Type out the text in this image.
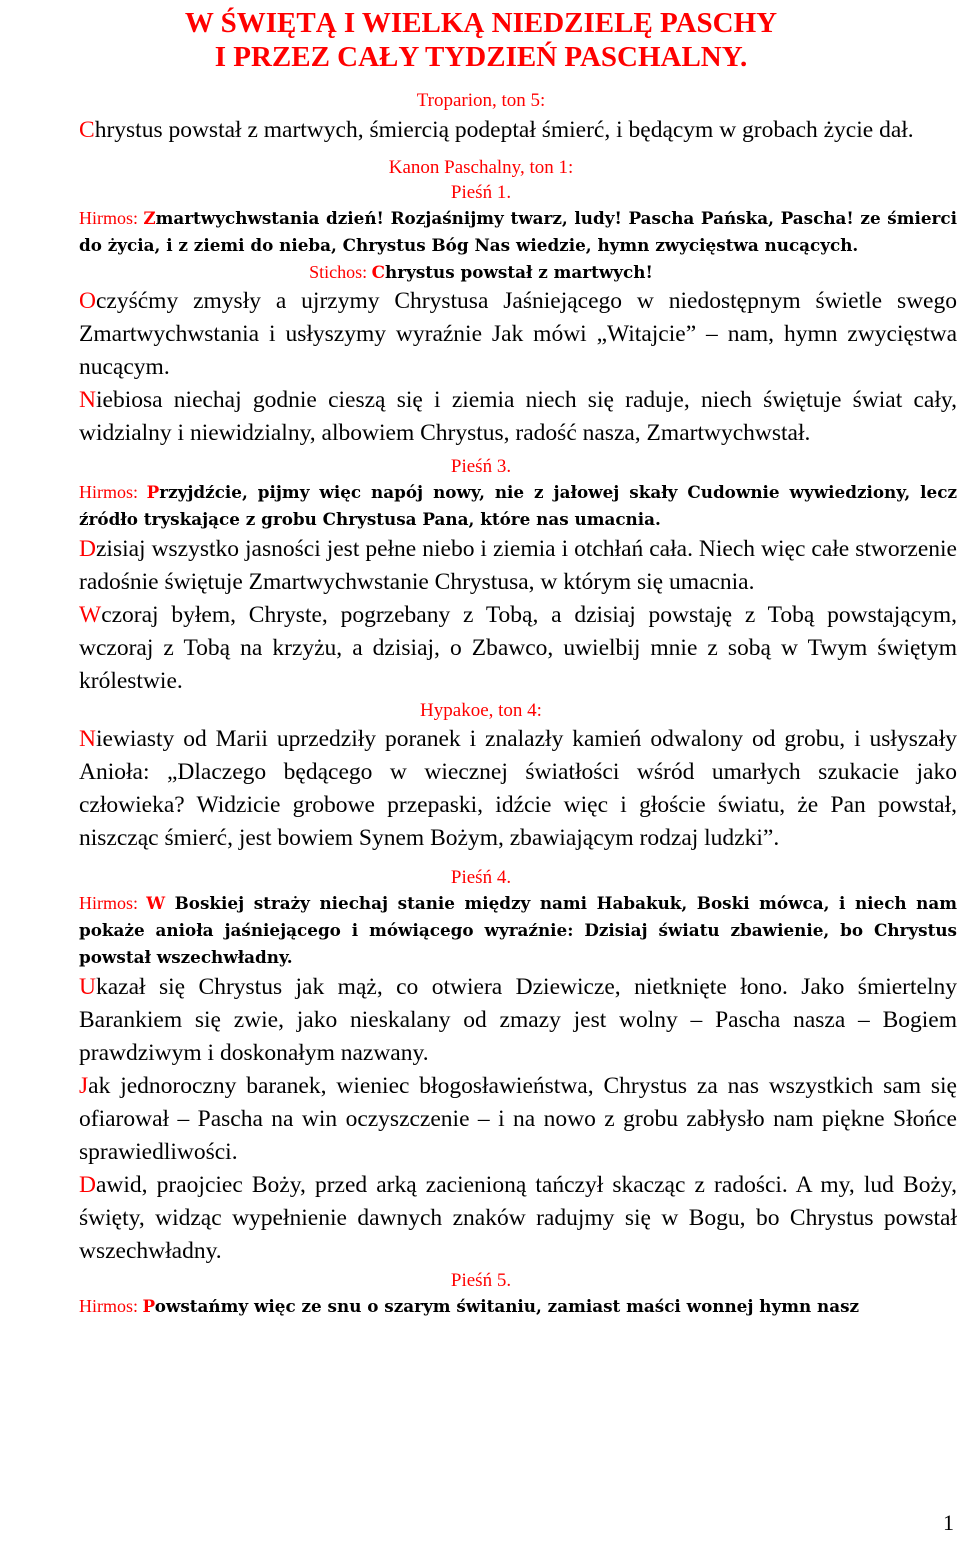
W ŚWIĘTĄ I WIELKĄ NIEDZIELĘ PASCHY

I PRZEZ CAŁY TYDZIEŃ PASCHALNY.

Troparion, ton 5:

Chrystus powstał z martwych, śmiercią podeptał śmierć, i będącym w grobach życie dał.

Kanon Paschalny, ton 1:

Pieśń 1.

Hirmos: Zmartwychwstania dzień! Rozjaśnijmy twarz, ludy! Pascha Pańska, Pascha! ze śmierci do życia, i z ziemi do nieba, Chrystus Bóg Nas wiedzie, hymn zwycięstwa nucących.

Stichos: Chrystus powstał z martwych!

Oczyśćmy zmysły a ujrzymy Chrystusa Jaśniejącego w niedostępnym świetle swego Zmartwychwstania i usłyszymy wyraźnie Jak mówi „Witajcie” – nam, hymn zwycięstwa nucącym.

Niebiosa niechaj godnie cieszą się i ziemia niech się raduje, niech świętuje świat cały, widzialny i niewidzialny, albowiem Chrystus, radość nasza, Zmartwychwstał.

Pieśń 3.

Hirmos: Przyjdźcie, pijmy więc napój nowy, nie z jałowej skały Cudownie wywiedziony, lecz źródło tryskające z grobu Chrystusa Pana, które nas umacnia.

Dzisiaj wszystko jasności jest pełne niebo i ziemia i otchłań cała. Niech więc całe stworzenie radośnie świętuje Zmartwychwstanie Chrystusa, w którym się umacnia.

Wczoraj byłem, Chryste, pogrzebany z Tobą, a dzisiaj powstaję z Tobą powstającym, wczoraj z Tobą na krzyżu, a dzisiaj, o Zbawco, uwielbij mnie z sobą w Twym świętym królestwie.

Hypakoe, ton 4:

Niewiasty od Marii uprzedziły poranek i znalazły kamień odwalony od grobu, i usłyszały Anioła: „Dlaczego będącego w wiecznej światłości wśród umarłych szukacie jako człowieka? Widzicie grobowe przepaski, idźcie więc i głoście światu, że Pan powstał, niszcząc śmierć, jest bowiem Synem Bożym, zbawiającym rodzaj ludzki”.

Pieśń 4.

Hirmos: W Boskiej straży niechaj stanie między nami Habakuk, Boski mówca, i niech nam pokaże anioła jaśniejącego i mówiącego wyraźnie: Dzisiaj światu zbawienie, bo Chrystus powstał wszechwładny.

Ukazał się Chrystus jak mąż, co otwiera Dziewicze, nietknięte łono. Jako śmiertelny Barankiem się zwie, jako nieskalany od zmazy jest wolny – Pascha nasza – Bogiem prawdziwym i doskonałym nazwany.

Jak jednoroczny baranek, wieniec błogosławieństwa, Chrystus za nas wszystkich sam się ofiarował – Pascha na win oczyszczenie – i na nowo z grobu zabłysło nam piękne Słońce sprawiedliwości.

Dawid, praojciec Boży, przed arką zacienioną tańczył skacząc z radości. A my, lud Boży, święty, widząc wypełnienie dawnych znaków radujmy się w Bogu, bo Chrystus powstał wszechwładny.

Pieśń 5.

Hirmos: Powstańmy więc ze snu o szarym świtaniu, zamiast maści wonnej hymn nasz

1
